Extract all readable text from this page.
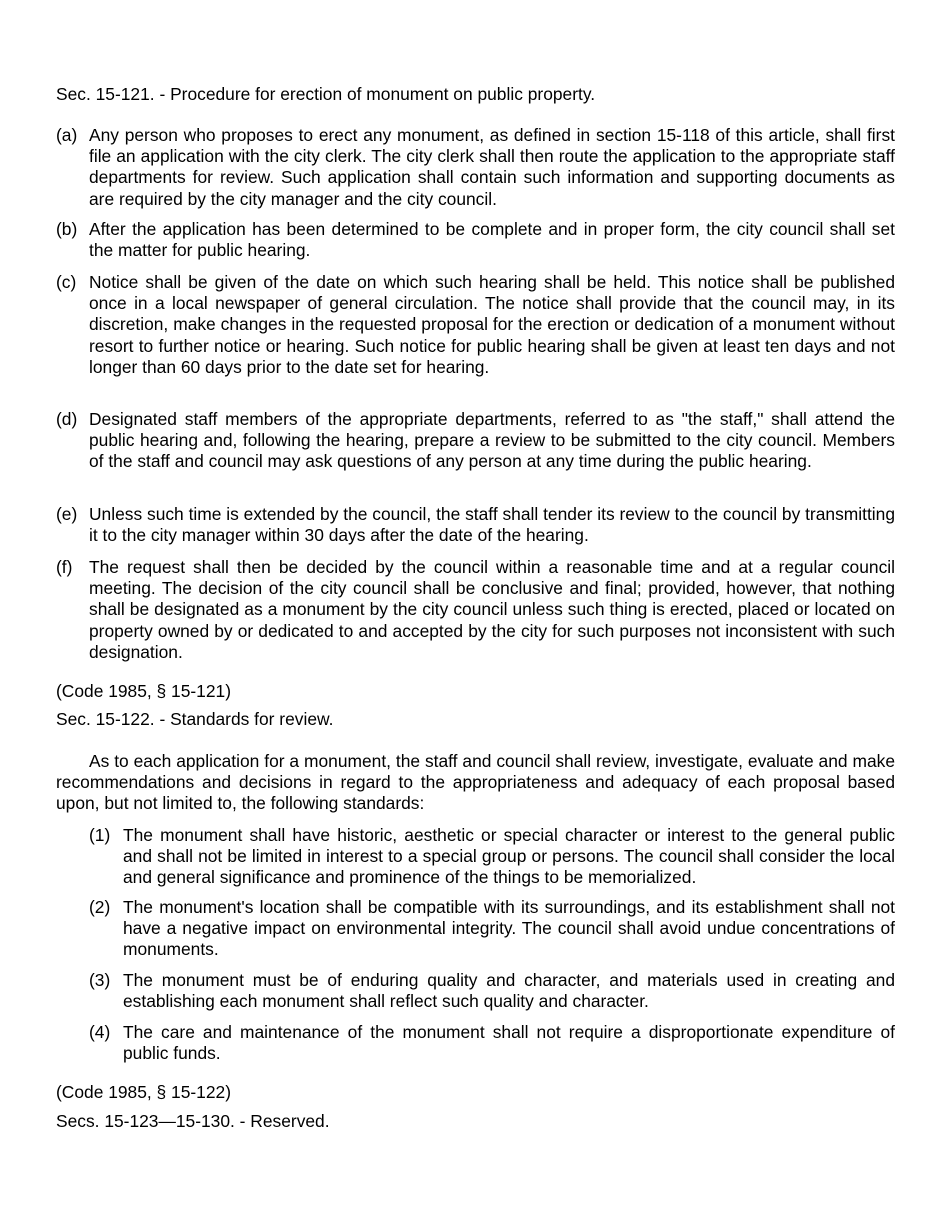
Sec. 15-121. - Procedure for erection of monument on public property.
(a) Any person who proposes to erect any monument, as defined in section 15-118 of this article, shall first file an application with the city clerk. The city clerk shall then route the application to the appropriate staff departments for review. Such application shall contain such information and supporting documents as are required by the city manager and the city council.
(b) After the application has been determined to be complete and in proper form, the city council shall set the matter for public hearing.
(c) Notice shall be given of the date on which such hearing shall be held. This notice shall be published once in a local newspaper of general circulation. The notice shall provide that the council may, in its discretion, make changes in the requested proposal for the erection or dedication of a monument without resort to further notice or hearing. Such notice for public hearing shall be given at least ten days and not longer than 60 days prior to the date set for hearing.
(d) Designated staff members of the appropriate departments, referred to as "the staff," shall attend the public hearing and, following the hearing, prepare a review to be submitted to the city council. Members of the staff and council may ask questions of any person at any time during the public hearing.
(e) Unless such time is extended by the council, the staff shall tender its review to the council by transmitting it to the city manager within 30 days after the date of the hearing.
(f) The request shall then be decided by the council within a reasonable time and at a regular council meeting. The decision of the city council shall be conclusive and final; provided, however, that nothing shall be designated as a monument by the city council unless such thing is erected, placed or located on property owned by or dedicated to and accepted by the city for such purposes not inconsistent with such designation.
(Code 1985, § 15-121)
Sec. 15-122. - Standards for review.
As to each application for a monument, the staff and council shall review, investigate, evaluate and make recommendations and decisions in regard to the appropriateness and adequacy of each proposal based upon, but not limited to, the following standards:
(1) The monument shall have historic, aesthetic or special character or interest to the general public and shall not be limited in interest to a special group or persons. The council shall consider the local and general significance and prominence of the things to be memorialized.
(2) The monument's location shall be compatible with its surroundings, and its establishment shall not have a negative impact on environmental integrity. The council shall avoid undue concentrations of monuments.
(3) The monument must be of enduring quality and character, and materials used in creating and establishing each monument shall reflect such quality and character.
(4) The care and maintenance of the monument shall not require a disproportionate expenditure of public funds.
(Code 1985, § 15-122)
Secs. 15-123—15-130. - Reserved.
